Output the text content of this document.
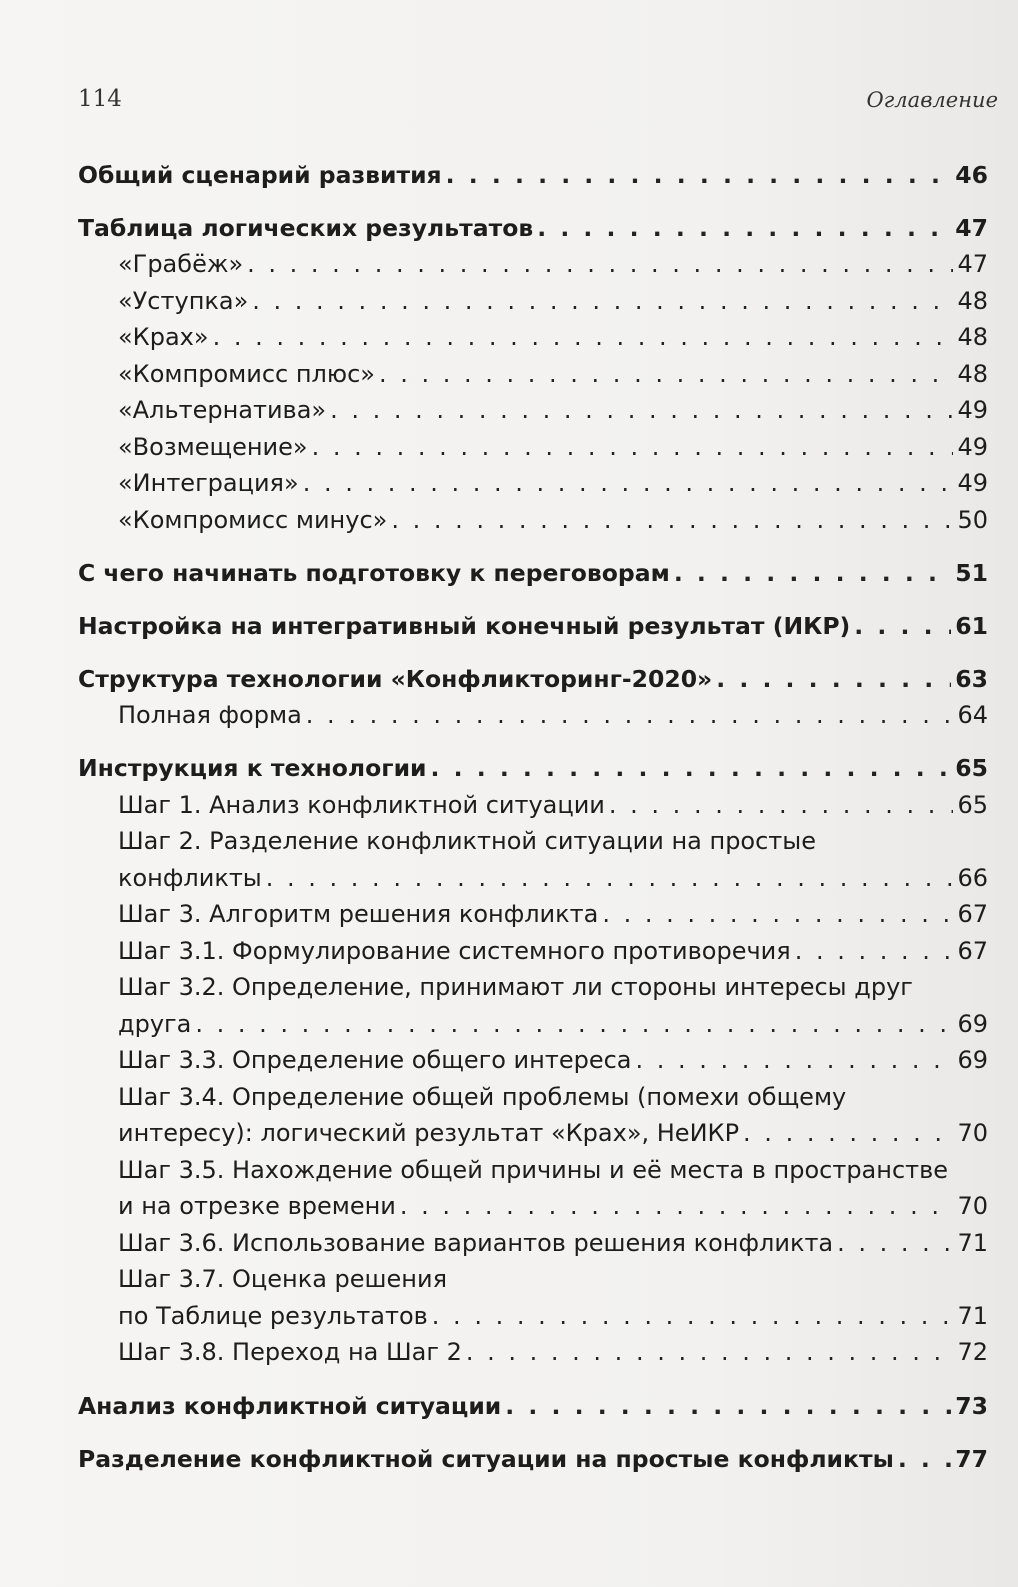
114	Оглавление
Общий сценарий развития . . .	46
Таблица логических результатов . . .	47
«Грабёж» . . .	47
«Уступка» . . .	48
«Крах» . . .	48
«Компромисс плюс» . . .	48
«Альтернатива» . . .	49
«Возмещение» . . .	49
«Интеграция» . . .	49
«Компромисс минус» . . .	50
С чего начинать подготовку к переговорам . . .	51
Настройка на интегративный конечный результат (ИКР) . . .	61
Структура технологии «Конфликторинг-2020» . . .	63
Полная форма . . .	64
Инструкция к технологии . . .	65
Шаг 1. Анализ конфликтной ситуации . . .	65
Шаг 2. Разделение конфликтной ситуации на простые
конфликты . . .	66
Шаг 3. Алгоритм решения конфликта . . .	67
Шаг 3.1. Формулирование системного противоречия . . .	67
Шаг 3.2. Определение, принимают ли стороны интересы друг
друга . . .	69
Шаг 3.3. Определение общего интереса . . .	69
Шаг 3.4. Определение общей проблемы (помехи общему
интересу): логический результат «Крах», НеИКР . . .	70
Шаг 3.5. Нахождение общей причины и её места в пространстве
и на отрезке времени . . .	70
Шаг 3.6. Использование вариантов решения конфликта . . .	71
Шаг 3.7. Оценка решения
по Таблице результатов . . .	71
Шаг 3.8. Переход на Шаг 2 . . .	72
Анализ конфликтной ситуации . . .	73
Разделение конфликтной ситуации на простые конфликты . . .	77
